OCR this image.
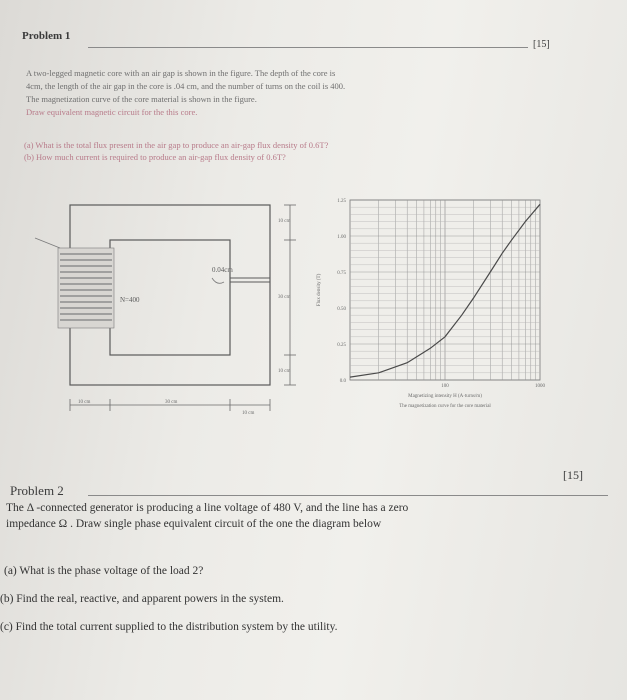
Problem 1
[15]
A two-legged magnetic core with an air gap is shown in the figure. The depth of the core is
4cm, the length of the air gap in the core is .04 cm, and the number of turns on the coil is 400.
The magnetization curve of the core material is shown in the figure.
Draw equivalent magnetic circuit for the this core.
(a) What is the total flux present in the air gap to produce an air-gap flux density of 0.6T?
(b) How much current is required to produce an air-gap flux density of 0.6T?
N=400
0.04cm
10 cm
30 cm
10 cm
10 cm	30 cm
10 cm
1.25
1.00
0.75
0.50
0.25
0.0
100	1000
Flux density (T)
Magnetizing intensity H (A·turns/m)
The magnetization curve for the core material
[15]
Problem 2
The Δ -connected generator is producing a line voltage of 480 V, and the line has a zero
impedance Ω . Draw single phase equivalent circuit of the one the diagram below
(a) What is the phase voltage of the load 2?
(b) Find the real, reactive, and apparent powers in the system.
(c) Find the total current supplied to the distribution system by the utility.
